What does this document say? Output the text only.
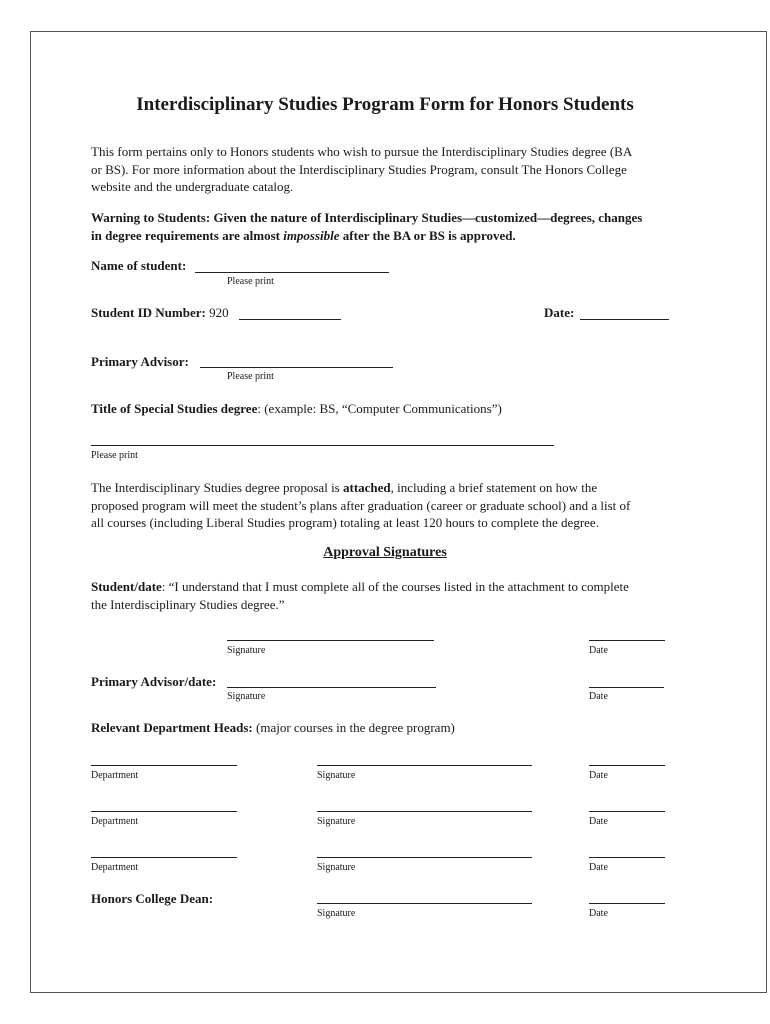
Interdisciplinary Studies Program Form for Honors Students

This form pertains only to Honors students who wish to pursue the Interdisciplinary Studies degree (BA

or BS). For more information about the Interdisciplinary Studies Program, consult The Honors College

website and the undergraduate catalog.

Warning to Students: Given the nature of Interdisciplinary Studies—customized—degrees, changes

in degree requirements are almost impossible after the BA or BS is approved.

Name of student:
Please print
Student ID Number: 920	Date:
Primary Advisor:
Please print
Title of Special Studies degree: (example: BS, “Computer Communications”)
Please print

The Interdisciplinary Studies degree proposal is attached, including a brief statement on how the

proposed program will meet the student’s plans after graduation (career or graduate school) and a list of

all courses (including Liberal Studies program) totaling at least 120 hours to complete the degree.

Approval Signatures

Student/date: “I understand that I must complete all of the courses listed in the attachment to complete

the Interdisciplinary Studies degree.”

Signature	Date
Primary Advisor/date:
Signature	Date
Relevant Department Heads: (major courses in the degree program)
Department	Signature	Date
Department	Signature	Date
Department	Signature	Date
Honors College Dean:
Signature	Date
